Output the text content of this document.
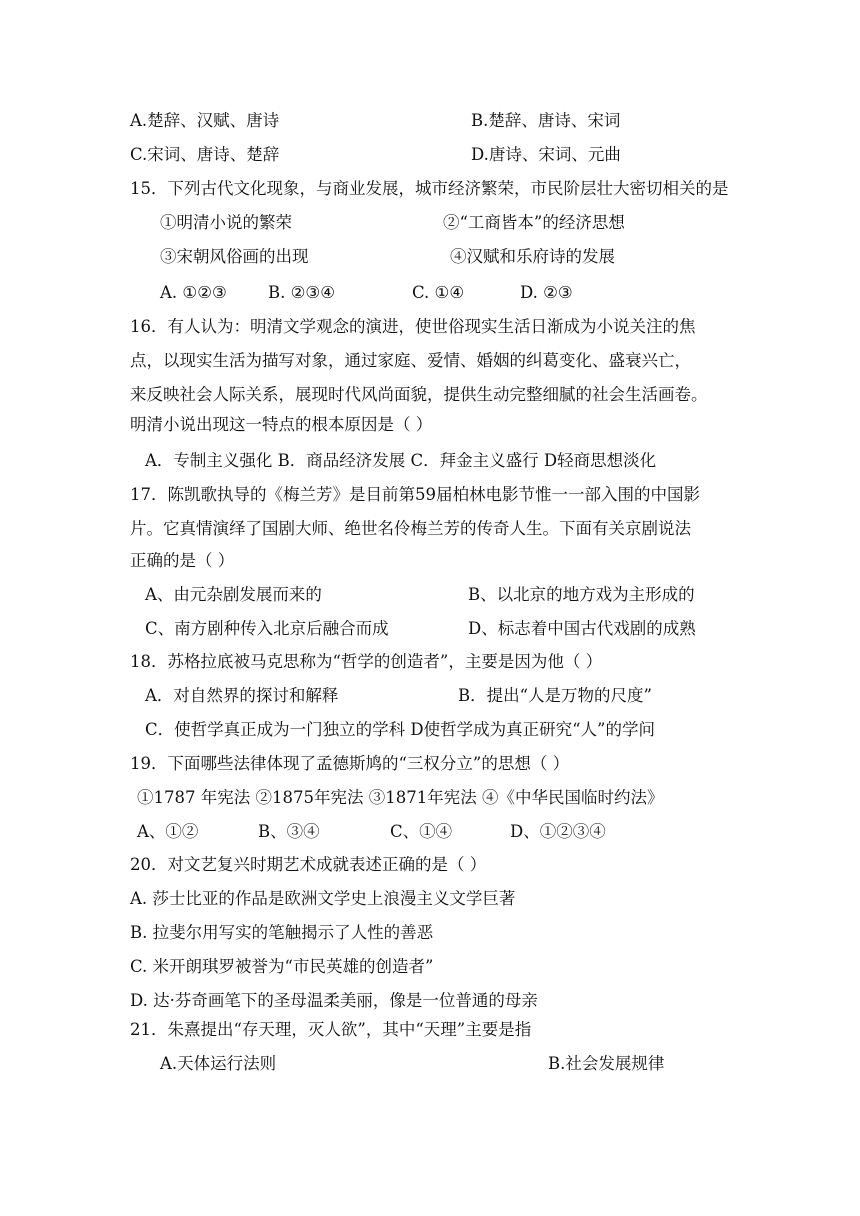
A.楚辞、汉赋、唐诗	B.楚辞、唐诗、宋词
C.宋词、唐诗、楚辞	D.唐诗、宋词、元曲
15．下列古代文化现象，与商业发展，城市经济繁荣，市民阶层壮大密切相关的是
①明清小说的繁荣	②“工商皆本”的经济思想
③宋朝风俗画的出现	④汉赋和乐府诗的发展
A. ①②③ B. ②③④	C. ①④	D. ②③
16．有人认为：明清文学观念的演进，使世俗现实生活日渐成为小说关注的焦
点，以现实生活为描写对象，通过家庭、爱情、婚姻的纠葛变化、盛衰兴亡，
来反映社会人际关系，展现时代风尚面貌，提供生动完整细腻的社会生活画卷。
明清小说出现这一特点的根本原因是（ ）
A．专制主义强化 B．商品经济发展 C．拜金主义盛行 D轻商思想淡化
17．陈凯歌执导的《梅兰芳》是目前第59届柏林电影节惟一一部入围的中国影
片。它真情演绎了国剧大师、绝世名伶梅兰芳的传奇人生。下面有关京剧说法
正确的是（ ）
A、由元杂剧发展而来的	B、以北京的地方戏为主形成的
C、南方剧种传入北京后融合而成	D、标志着中国古代戏剧的成熟
18．苏格拉底被马克思称为“哲学的创造者”，主要是因为他（ ）
A．对自然界的探讨和解释	B．提出“人是万物的尺度”
C．使哲学真正成为一门独立的学科 D使哲学成为真正研究“人”的学问
19．下面哪些法律体现了孟德斯鸠的“三权分立”的思想（ ）
①1787 年宪法 ②1875年宪法 ③1871年宪法 ④《中华民国临时约法》
A、①②	B、③④	C、①④	D、①②③④
20．对文艺复兴时期艺术成就表述正确的是（ ）
A. 莎士比亚的作品是欧洲文学史上浪漫主义文学巨著
B. 拉斐尔用写实的笔触揭示了人性的善恶
C. 米开朗琪罗被誉为“市民英雄的创造者”
D. 达·芬奇画笔下的圣母温柔美丽，像是一位普通的母亲
21．朱熹提出“存天理，灭人欲”，其中“天理”主要是指
A.天体运行法则	B.社会发展规律
